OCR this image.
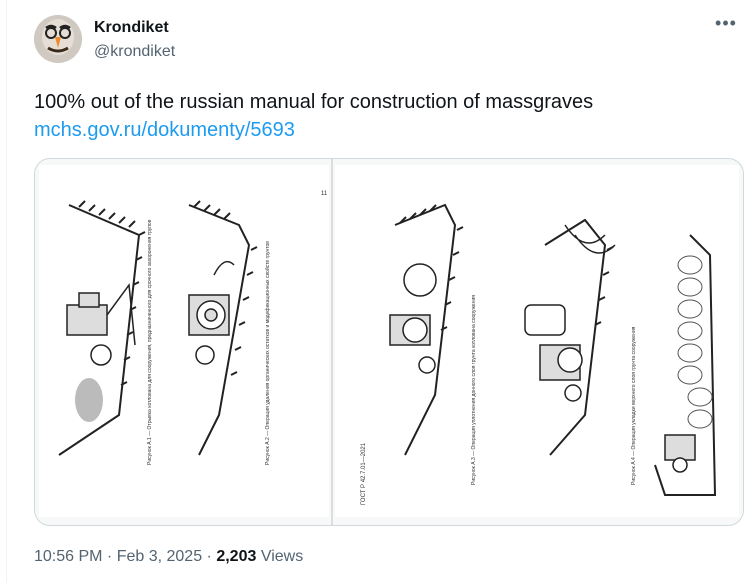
Krondiket
@krondiket
•••
100% out of the russian manual for construction of massgraves
mchs.gov.ru/dokumenty/5693
Рисунок А.1 — Отрывка котлована для сооружения, предназначенного для срочного захоронения трупов	Рисунок А.2 — Операция удаления органических остатков и модификационных свойств грунтов
11
ГОСТ Р 42.7.01—2021	Рисунок А.3 — Операция уплотнения донного слоя грунта котлована сооружения	Рисунок А.4 — Операция укладки верхнего слоя грунта сооружения
10:56 PM · Feb 3, 2025 · 2,203 Views
